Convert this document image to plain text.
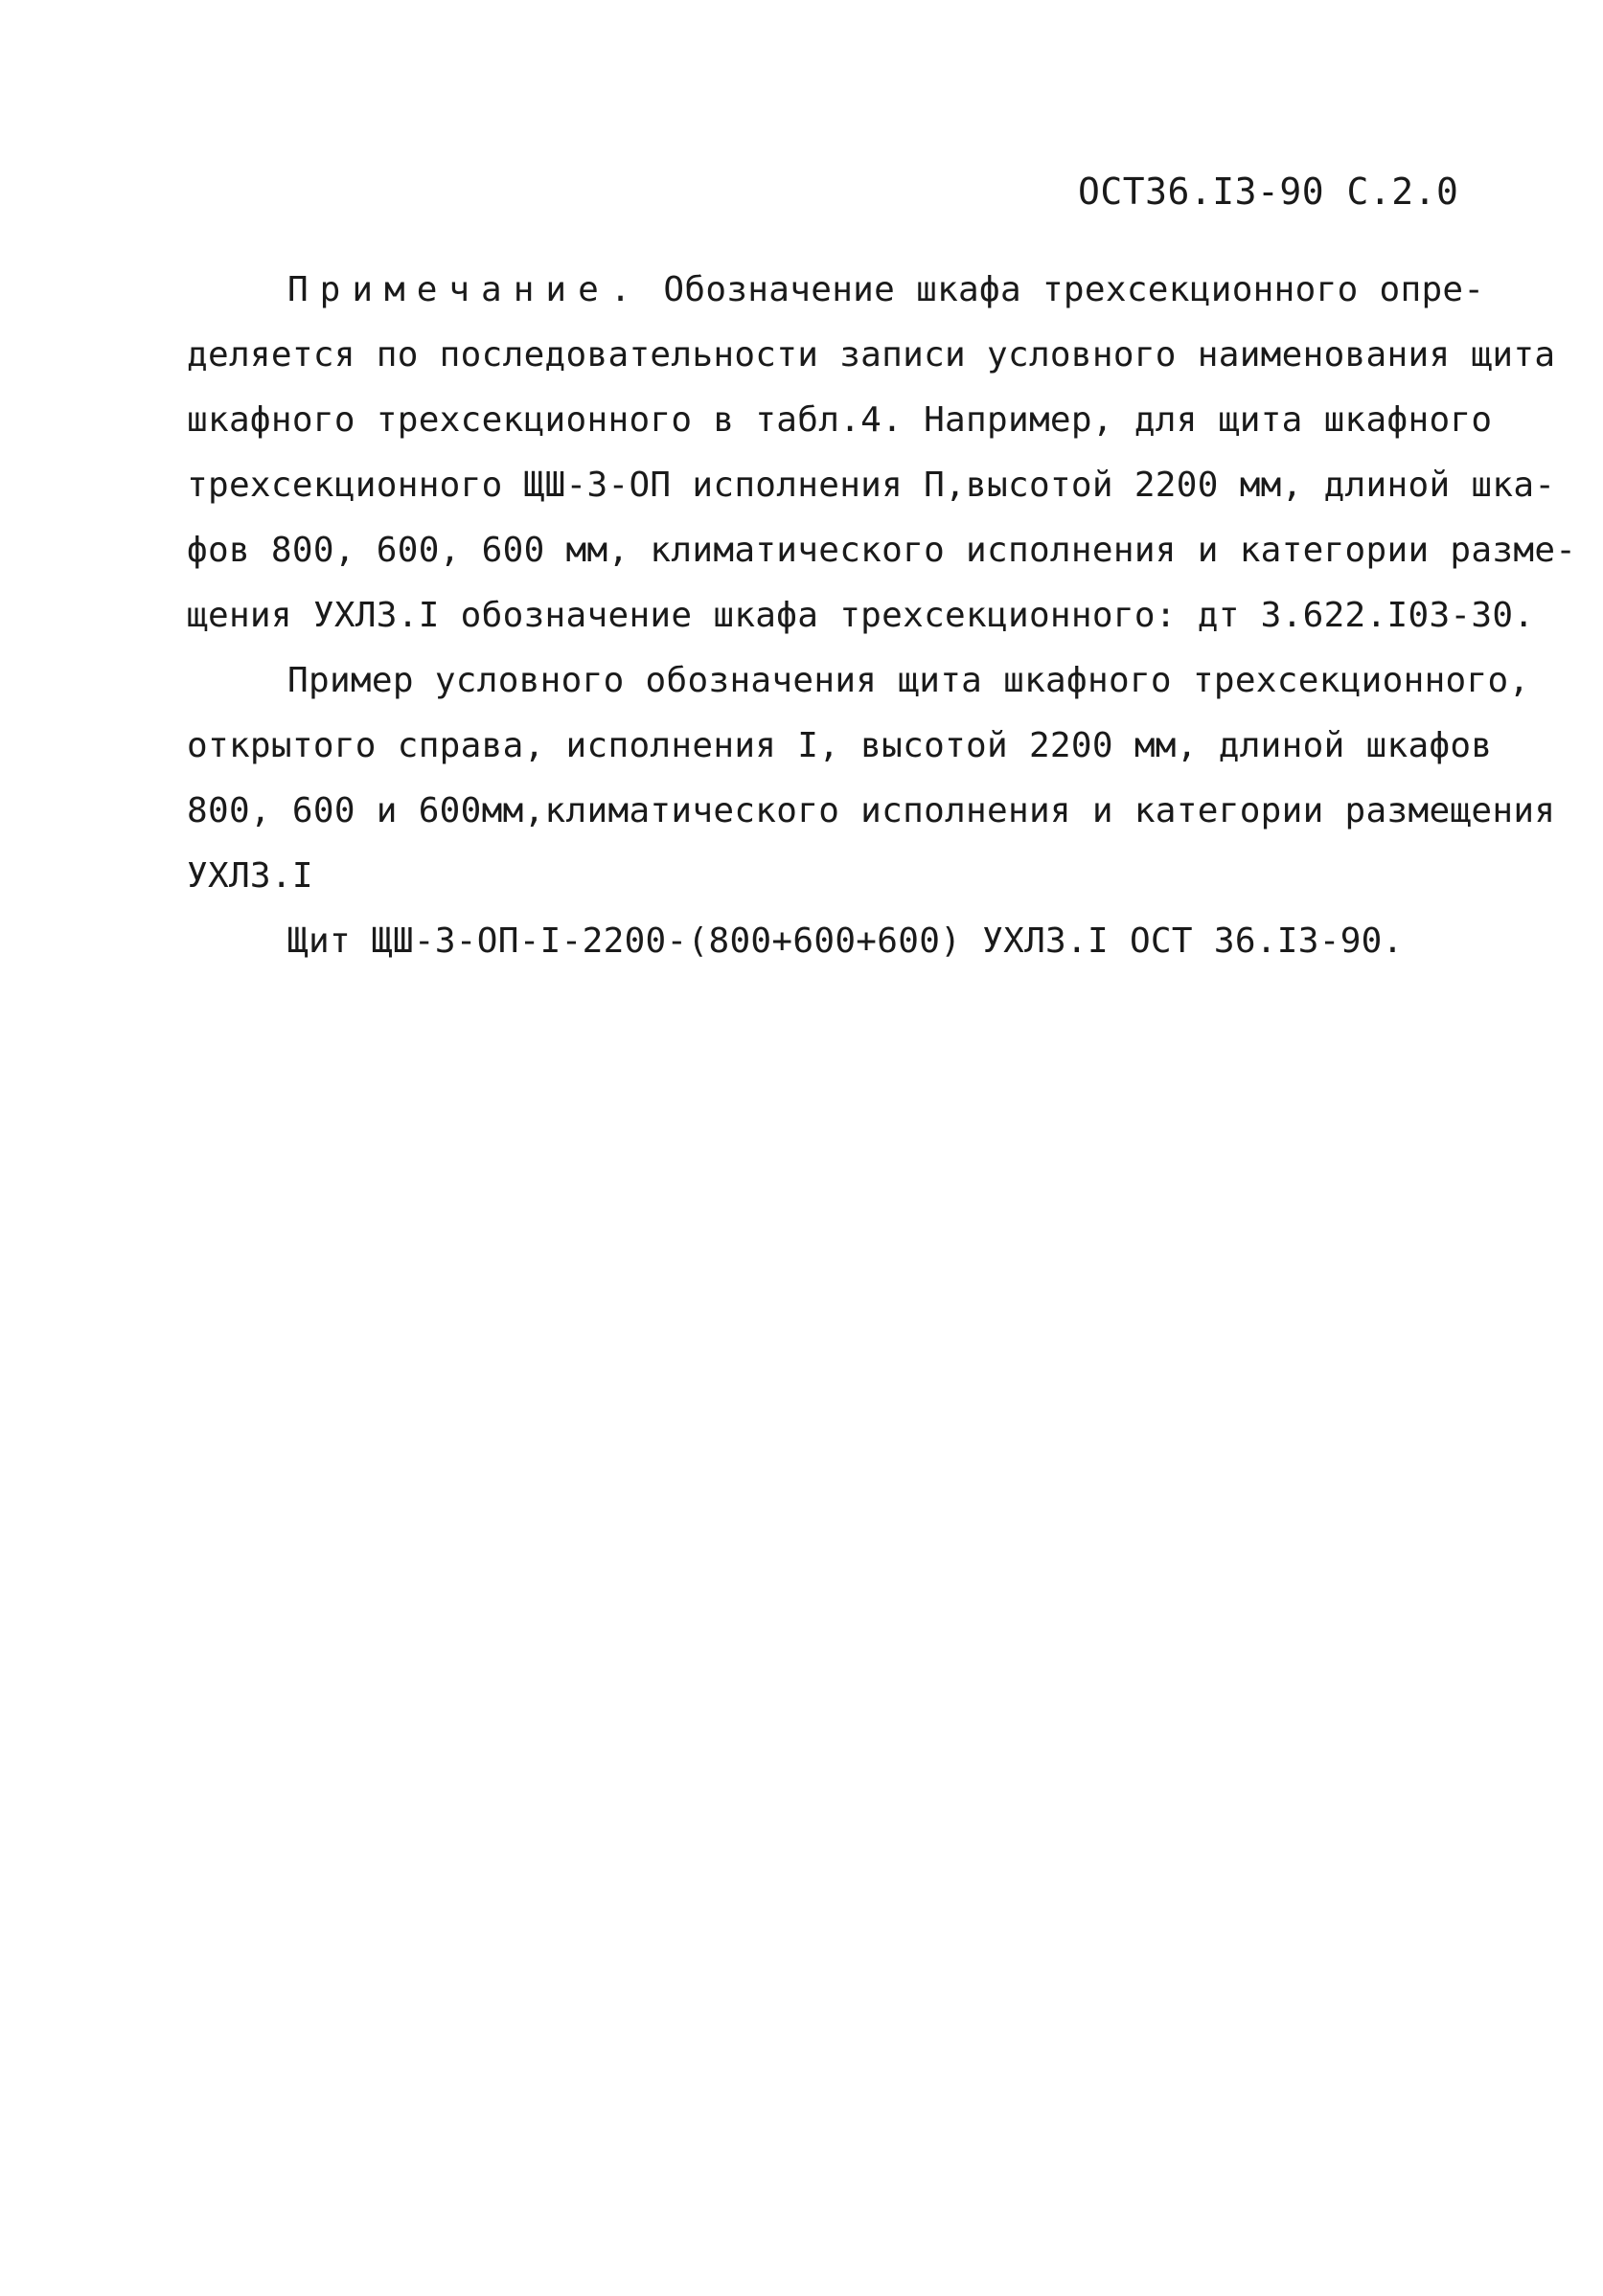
ОСТ36.I3-90 С.2.0
Примечание. Обозначение шкафа трехсекционного опре-
деляется по последовательности записи условного наименования щита
шкафного трехсекционного в табл.4. Например, для щита шкафного
трехсекционного ЩШ-3-ОП исполнения П,высотой 2200 мм, длиной шка-
фов 800, 600, 600 мм, климатического исполнения и категории разме-
щения УХЛЗ.I обозначение шкафа трехсекционного: дт 3.622.I03-30.
Пример условного обозначения щита шкафного трехсекционного,
открытого справа, исполнения I, высотой 2200 мм, длиной шкафов
800, 600 и 600мм,климатического исполнения и категории размещения
УХЛЗ.I
Щит ЩШ-3-ОП-I-2200-(800+600+600) УХЛЗ.I ОСТ 36.I3-90.
